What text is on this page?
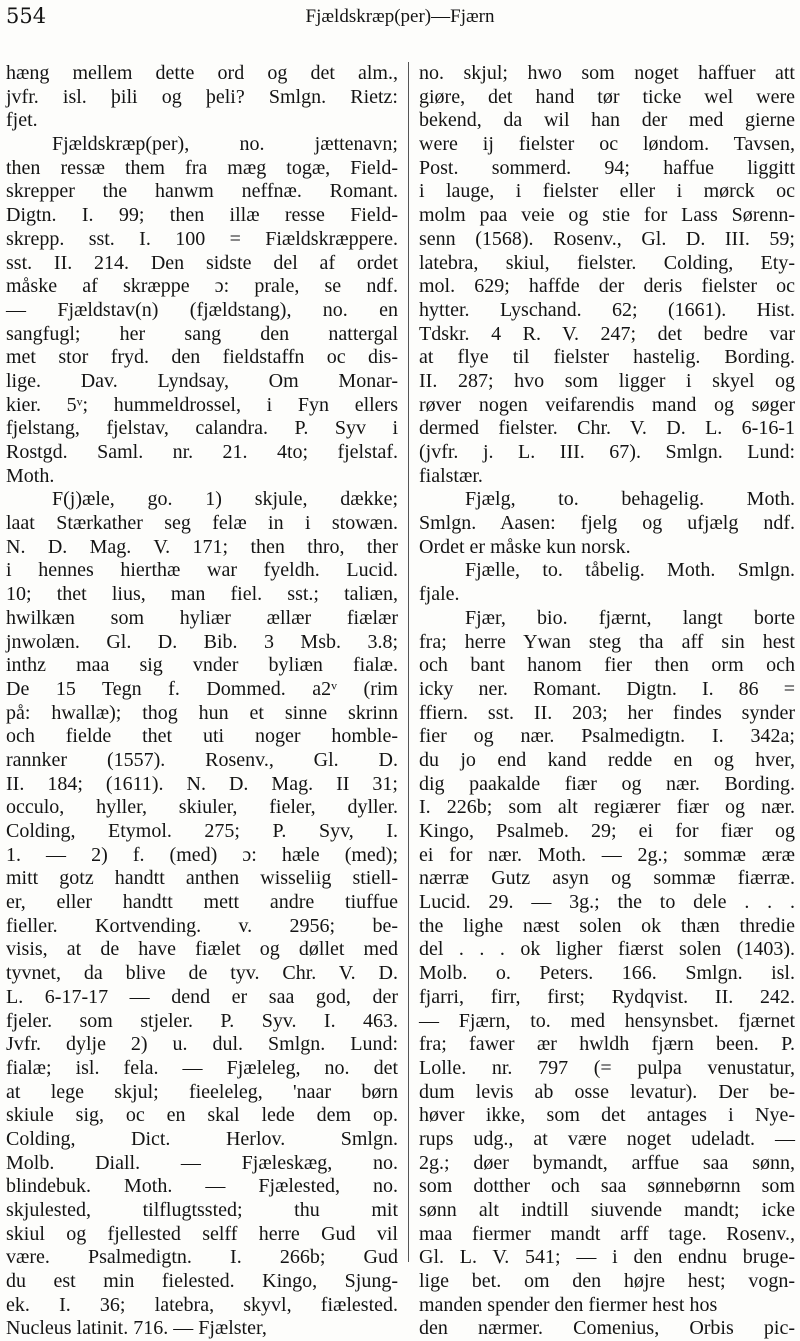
554	Fjældskræp(per)—Fjærn
hæng mellem dette ord og det alm.,
jvfr. isl. þili og þeli? Smlgn. Rietz:
fjet.
Fjældskræp(per), no. jættenavn;
then ressæ them fra mæg togæ, Field-
skrepper the hanwm neffnæ. Romant.
Digtn. I. 99; then illæ resse Field-
skrepp. sst. I. 100 = Fiældskræppere.
sst. II. 214. Den sidste del af ordet
måske af skræppe ɔ: prale, se ndf.
— Fjældstav(n) (fjældstang), no. en
sangfugl; her sang den nattergal
met stor fryd. den fieldstaffn oc dis-
lige. Dav. Lyndsay, Om Monar-
kier. 5ᵛ; hummeldrossel, i Fyn ellers
fjelstang, fjelstav, calandra. P. Syv i
Rostgd. Saml. nr. 21. 4to; fjelstaf.
Moth.
F(j)æle, go. 1) skjule, dække;
laat Stærkather seg felæ in i stowæn.
N. D. Mag. V. 171; then thro, ther
i hennes hierthæ war fyeldh. Lucid.
10; thet lius, man fiel. sst.; taliæn,
hwilkæn som hyliær ællær fiælær
jnwolæn. Gl. D. Bib. 3 Msb. 3.8;
inthz maa sig vnder byliæn fialæ.
De 15 Tegn f. Dommed. a2ᵛ (rim
på: hwallæ); thog hun et sinne skrinn
och fielde thet uti noger homble-
rannker (1557). Rosenv., Gl. D.
II. 184; (1611). N. D. Mag. II 31;
occulo, hyller, skiuler, fieler, dyller.
Colding, Etymol. 275; P. Syv, I.
1. — 2) f. (med) ɔ: hæle (med);
mitt gotz handtt anthen wisseliig stiell-
er, eller handtt mett andre tiuffue
fieller. Kortvending. v. 2956; be-
visis, at de have fiælet og døllet med
tyvnet, da blive de tyv. Chr. V. D.
L. 6-17-17 — dend er saa god, der
fjeler. som stjeler. P. Syv. I. 463.
Jvfr. dylje 2) u. dul. Smlgn. Lund:
fialæ; isl. fela. — Fjæleleg, no. det
at lege skjul; fieeleleg, 'naar børn
skiule sig, oc en skal lede dem op.
Colding, Dict. Herlov. Smlgn.
Molb. Diall. — Fjæleskæg, no.
blindebuk. Moth. — Fjælested, no.
skjulested, tilflugtssted; thu mit
skiul og fjellested selff herre Gud vil
være. Psalmedigtn. I. 266b; Gud
du est min fielested. Kingo, Sjung-
ek. I. 36; latebra, skyvl, fiælested.
Nucleus latinit. 716. — Fjælster,
no. skjul; hwo som noget haffuer att
giøre, det hand tør ticke wel were
bekend, da wil han der med gierne
were ij fielster oc løndom. Tavsen,
Post. sommerd. 94; haffue liggitt
i lauge, i fielster eller i mørck oc
molm paa veie og stie for Lass Sørenn-
senn (1568). Rosenv., Gl. D. III. 59;
latebra, skiul, fielster. Colding, Ety-
mol. 629; haffde der deris fielster oc
hytter. Lyschand. 62; (1661). Hist.
Tdskr. 4 R. V. 247; det bedre var
at flye til fielster hastelig. Bording.
II. 287; hvo som ligger i skyel og
røver nogen veifarendis mand og søger
dermed fielster. Chr. V. D. L. 6-16-1
(jvfr. j. L. III. 67). Smlgn. Lund:
fialstær.
Fjælg, to. behagelig. Moth.
Smlgn. Aasen: fjelg og ufjælg ndf.
Ordet er måske kun norsk.
Fjælle, to. tåbelig. Moth. Smlgn.
fjale.
Fjær, bio. fjærnt, langt borte
fra; herre Ywan steg tha aff sin hest
och bant hanom fier then orm och
icky ner. Romant. Digtn. I. 86 =
ffiern. sst. II. 203; her findes synder
fier og nær. Psalmedigtn. I. 342a;
du jo end kand redde en og hver,
dig paakalde fiær og nær. Bording.
I. 226b; som alt regiærer fiær og nær.
Kingo, Psalmeb. 29; ei for fiær og
ei for nær. Moth. — 2g.; sommæ æræ
nærræ Gutz asyn og sommæ fiærræ.
Lucid. 29. — 3g.; the to dele . . .
the lighe næst solen ok thæn thredie
del . . . ok ligher fiærst solen (1403).
Molb. o. Peters. 166. Smlgn. isl.
fjarri, firr, first; Rydqvist. II. 242.
— Fjærn, to. med hensynsbet. fjærnet
fra; fawer ær hwldh fjærn been. P.
Lolle. nr. 797 (= pulpa venustatur,
dum levis ab osse levatur). Der be-
høver ikke, som det antages i Nye-
rups udg., at være noget udeladt. —
2g.; døer bymandt, arffue saa sønn,
som dotther och saa sønnebørnn som
sønn alt indtill siuvende mandt; icke
maa fiermer mandt arff tage. Rosenv.,
Gl. L. V. 541; — i den endnu bruge-
lige bet. om den højre hest; vogn-
manden spender den fiermer hest hos
den nærmer. Comenius, Orbis pic-
